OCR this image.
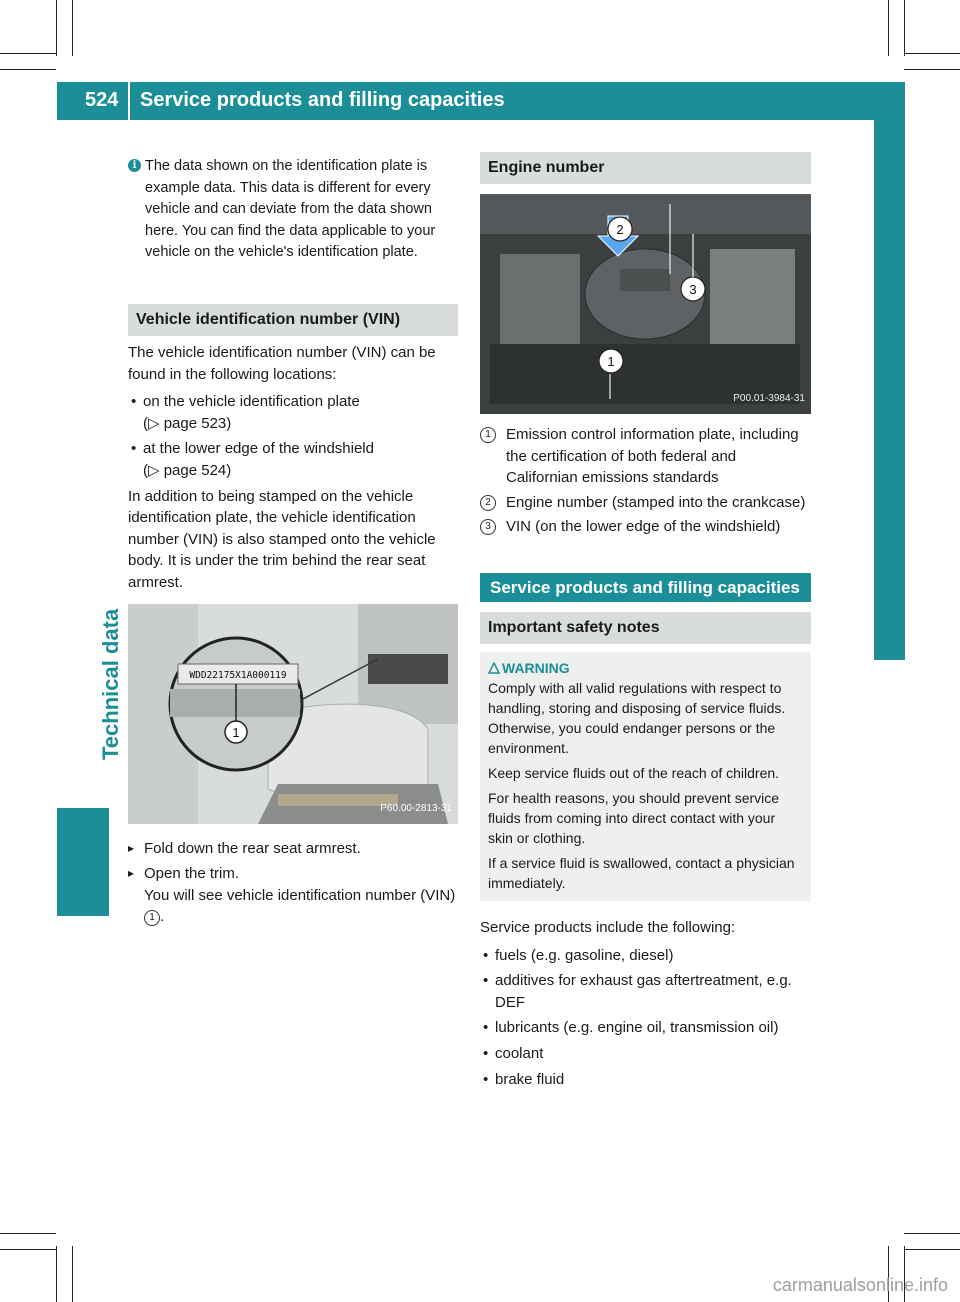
524 Service products and filling capacities
Technical data
i The data shown on the identification plate is example data. This data is different for every vehicle and can deviate from the data shown here. You can find the data applicable to your vehicle on the vehicle's identification plate.
Vehicle identification number (VIN)

The vehicle identification number (VIN) can be found in the following locations:

• on the vehicle identification plate
(▷ page 523)
• at the lower edge of the windshield
(▷ page 524)

In addition to being stamped on the vehicle identification plate, the vehicle identification number (VIN) is also stamped onto the vehicle body. It is under the trim behind the rear seat armrest.

WDD22175X1A000119
1
P60.00-2813-31
▸ Fold down the rear seat armrest.
▸ Open the trim.
You will see vehicle identification number (VIN) 1 .
Engine number
2
3
1
P00.01-3984-31
1	Emission control information plate, including the certification of both federal and Californian emissions standards
2	Engine number (stamped into the crankcase)
3	VIN (on the lower edge of the windshield)
Service products and filling capacities
Important safety notes
WARNING

Comply with all valid regulations with respect to handling, storing and disposing of service fluids. Otherwise, you could endanger persons or the environment.

Keep service fluids out of the reach of children.

For health reasons, you should prevent service fluids from coming into direct contact with your skin or clothing.

If a service fluid is swallowed, contact a physician immediately.

Service products include the following:

• fuels (e.g. gasoline, diesel)
• additives for exhaust gas aftertreatment, e.g. DEF
• lubricants (e.g. engine oil, transmission oil)
• coolant
• brake fluid
carmanualsonline.info
